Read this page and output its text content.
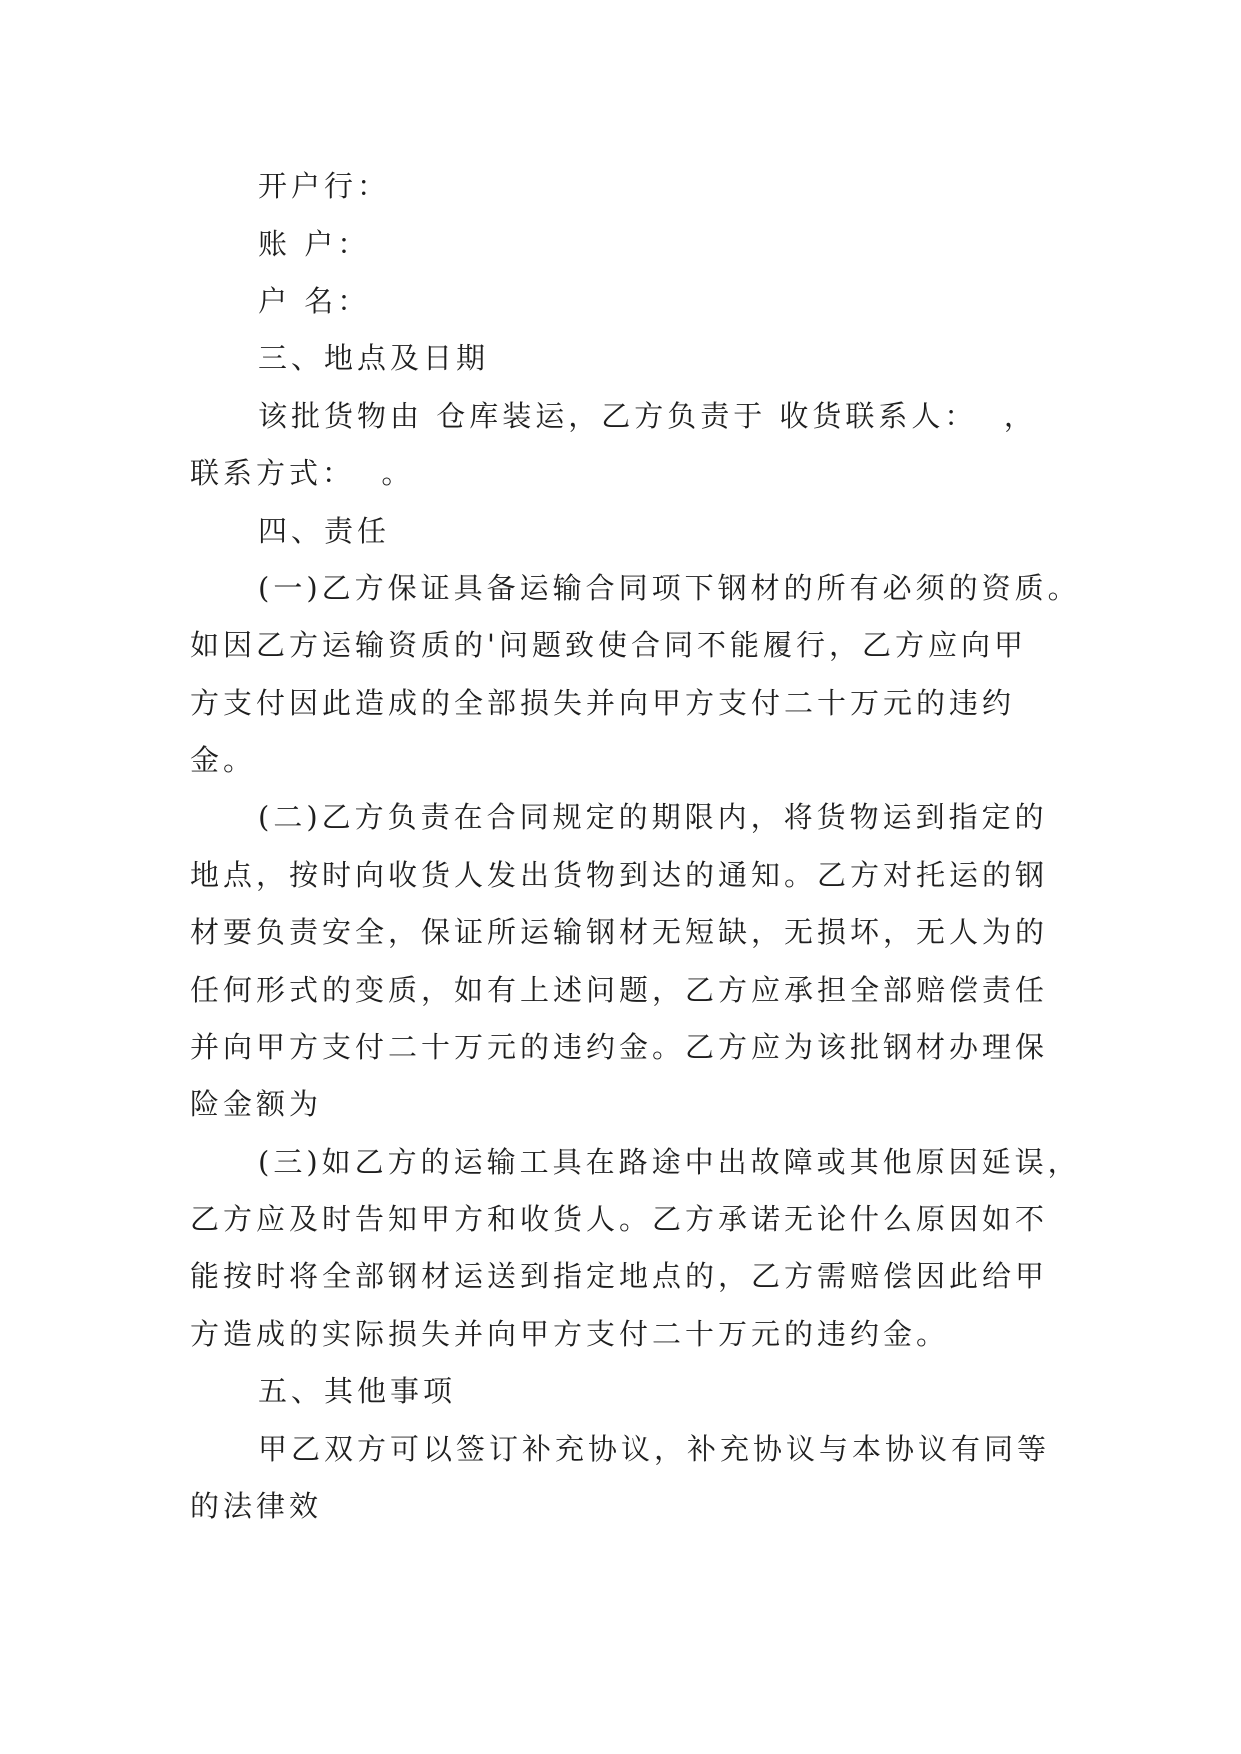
开户行：
账 户：
户 名：
三、地点及日期
该批货物由 仓库装运，乙方负责于 收货联系人：  ，
联系方式：  。
四、责任
(一)乙方保证具备运输合同项下钢材的所有必须的资质。
如因乙方运输资质的'问题致使合同不能履行，乙方应向甲
方支付因此造成的全部损失并向甲方支付二十万元的违约
金。
(二)乙方负责在合同规定的期限内，将货物运到指定的
地点，按时向收货人发出货物到达的通知。乙方对托运的钢
材要负责安全，保证所运输钢材无短缺，无损坏，无人为的
任何形式的变质，如有上述问题，乙方应承担全部赔偿责任
并向甲方支付二十万元的违约金。乙方应为该批钢材办理保
险金额为
(三)如乙方的运输工具在路途中出故障或其他原因延误，
乙方应及时告知甲方和收货人。乙方承诺无论什么原因如不
能按时将全部钢材运送到指定地点的，乙方需赔偿因此给甲
方造成的实际损失并向甲方支付二十万元的违约金。
五、其他事项
甲乙双方可以签订补充协议，补充协议与本协议有同等
的法律效
